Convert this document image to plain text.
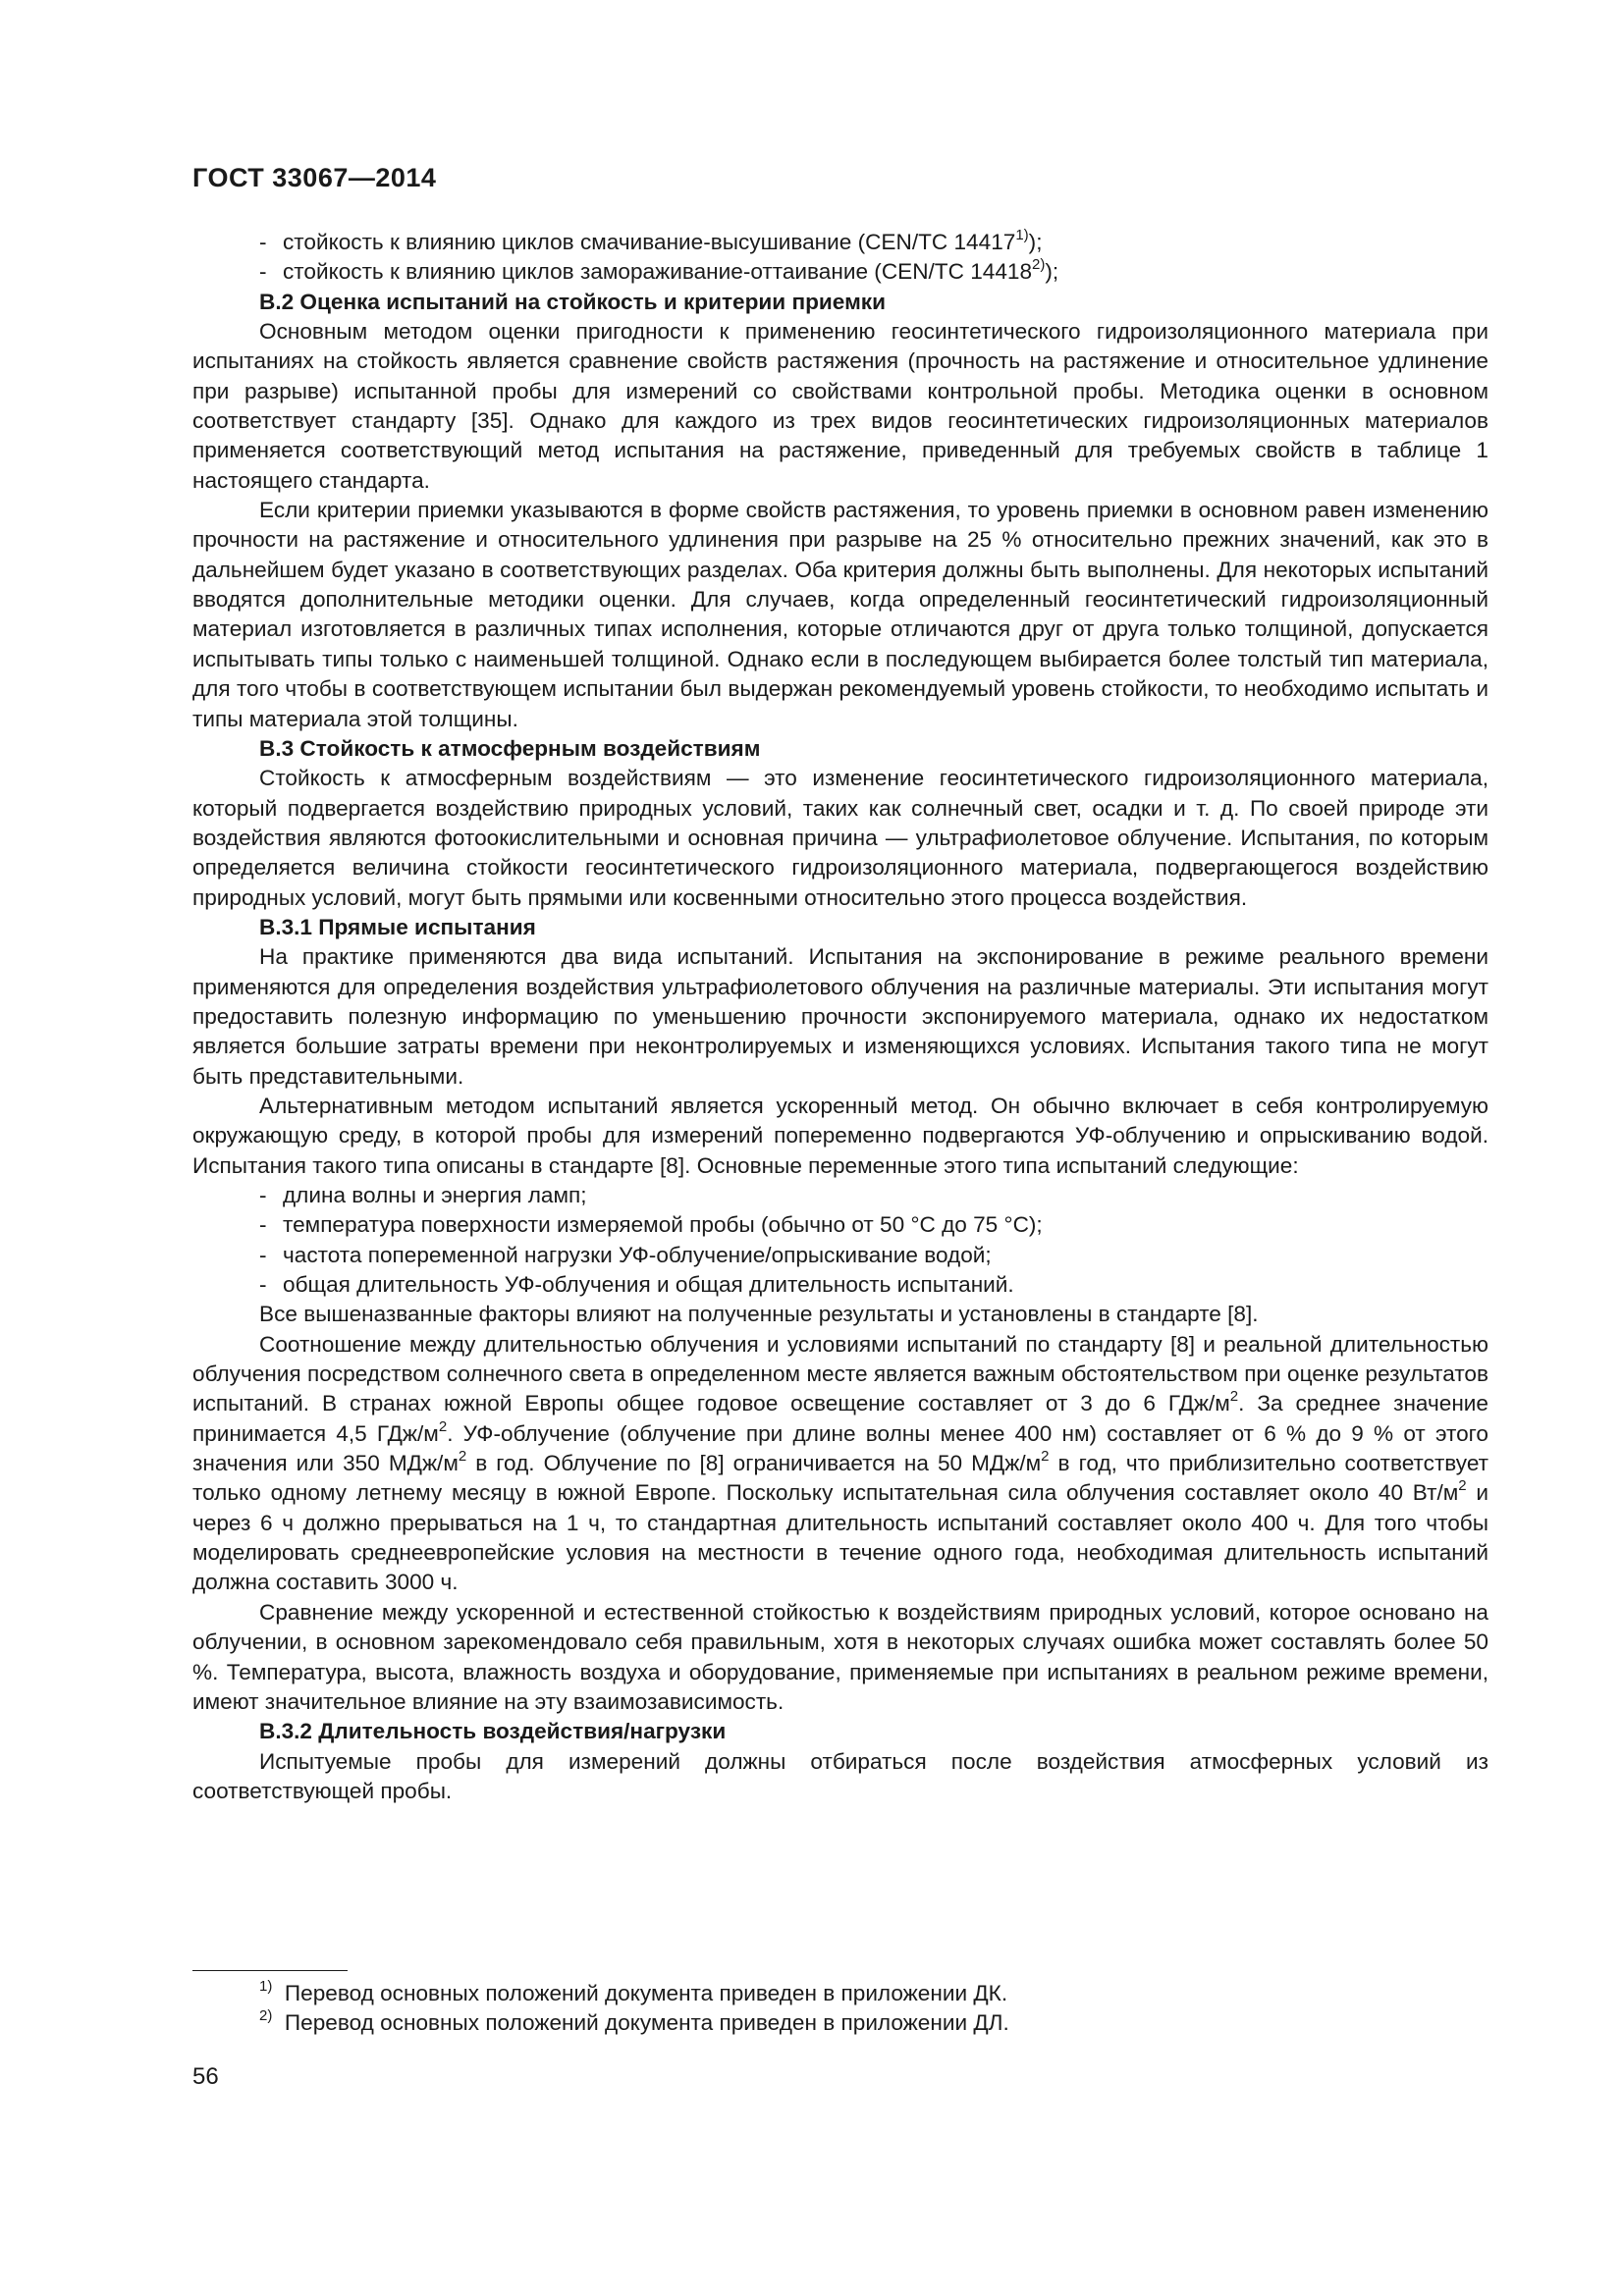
ГОСТ 33067—2014

- стойкость к влиянию циклов смачивание-высушивание (CEN/TC 14417$^{1)}$);

- стойкость к влиянию циклов замораживание-оттаивание (CEN/TC 14418$^{2)}$);

В.2 Оценка испытаний на стойкость и критерии приемки

Основным методом оценки пригодности к применению геосинтетического гидроизоляционного материала при испытаниях на стойкость является сравнение свойств растяжения (прочность на растяжение и относительное удлинение при разрыве) испытанной пробы для измерений со свойствами контрольной пробы. Методика оценки в основном соответствует стандарту [35]. Однако для каждого из трех видов геосинтетических гидроизоляционных материалов применяется соответствующий метод испытания на растяжение, приведенный для требуемых свойств в таблице 1 настоящего стандарта.

Если критерии приемки указываются в форме свойств растяжения, то уровень приемки в основном равен изменению прочности на растяжение и относительного удлинения при разрыве на 25 % относительно прежних значений, как это в дальнейшем будет указано в соответствующих разделах. Оба критерия должны быть выполнены. Для некоторых испытаний вводятся дополнительные методики оценки. Для случаев, когда определенный геосинтетический гидроизоляционный материал изготовляется в различных типах исполнения, которые отличаются друг от друга только толщиной, допускается испытывать типы только с наименьшей толщиной. Однако если в последующем выбирается более толстый тип материала, для того чтобы в соответствующем испытании был выдержан рекомендуемый уровень стойкости, то необходимо испытать и типы материала этой толщины.

В.3 Стойкость к атмосферным воздействиям

Стойкость к атмосферным воздействиям — это изменение геосинтетического гидроизоляционного материала, который подвергается воздействию природных условий, таких как солнечный свет, осадки и т. д. По своей природе эти воздействия являются фотоокислительными и основная причина — ультрафиолетовое облучение. Испытания, по которым определяется величина стойкости геосинтетического гидроизоляционного материала, подвергающегося воздействию природных условий, могут быть прямыми или косвенными относительно этого процесса воздействия.

В.3.1 Прямые испытания

На практике применяются два вида испытаний. Испытания на экспонирование в режиме реального времени применяются для определения воздействия ультрафиолетового облучения на различные материалы. Эти испытания могут предоставить полезную информацию по уменьшению прочности экспонируемого материала, однако их недостатком является большие затраты времени при неконтролируемых и изменяющихся условиях. Испытания такого типа не могут быть представительными.

Альтернативным методом испытаний является ускоренный метод. Он обычно включает в себя контролируемую окружающую среду, в которой пробы для измерений попеременно подвергаются УФ-облучению и опрыскиванию водой. Испытания такого типа описаны в стандарте [8]. Основные переменные этого типа испытаний следующие:

- длина волны и энергия ламп;

- температура поверхности измеряемой пробы (обычно от 50 °C до 75 °C);

- частота попеременной нагрузки УФ-облучение/опрыскивание водой;

- общая длительность УФ-облучения и общая длительность испытаний.

Все вышеназванные факторы влияют на полученные результаты и установлены в стандарте [8].

Соотношение между длительностью облучения и условиями испытаний по стандарту [8] и реальной длительностью облучения посредством солнечного света в определенном месте является важным обстоятельством при оценке результатов испытаний. В странах южной Европы общее годовое освещение составляет от 3 до 6 ГДж/$м^2$. За среднее значение принимается 4,5 ГДж/$м^2$. УФ-облучение (облучение при длине волны менее 400 нм) составляет от 6 % до 9 % от этого значения или 350 МДж/$м^2$ в год. Облучение по [8] ограничивается на 50 МДж/$м^2$ в год, что приблизительно соответствует только одному летнему месяцу в южной Европе. Поскольку испытательная сила облучения составляет около 40 $Вт/м^2$ и через 6 ч должно прерываться на 1 ч, то стандартная длительность испытаний составляет около 400 ч. Для того чтобы моделировать среднеевропейские условия на местности в течение одного года, необходимая длительность испытаний должна составить 3000 ч.

Сравнение между ускоренной и естественной стойкостью к воздействиям природных условий, которое основано на облучении, в основном зарекомендовало себя правильным, хотя в некоторых случаях ошибка может составлять более 50 %. Температура, высота, влажность воздуха и оборудование, применяемые при испытаниях в реальном режиме времени, имеют значительное влияние на эту взаимозависимость.

В.3.2 Длительность воздействия/нагрузки

Испытуемые пробы для измерений должны отбираться после воздействия атмосферных условий из соответствующей пробы.

$^{1)}$ Перевод основных положений документа приведен в приложении ДК.

$^{2)}$ Перевод основных положений документа приведен в приложении ДЛ.

56
